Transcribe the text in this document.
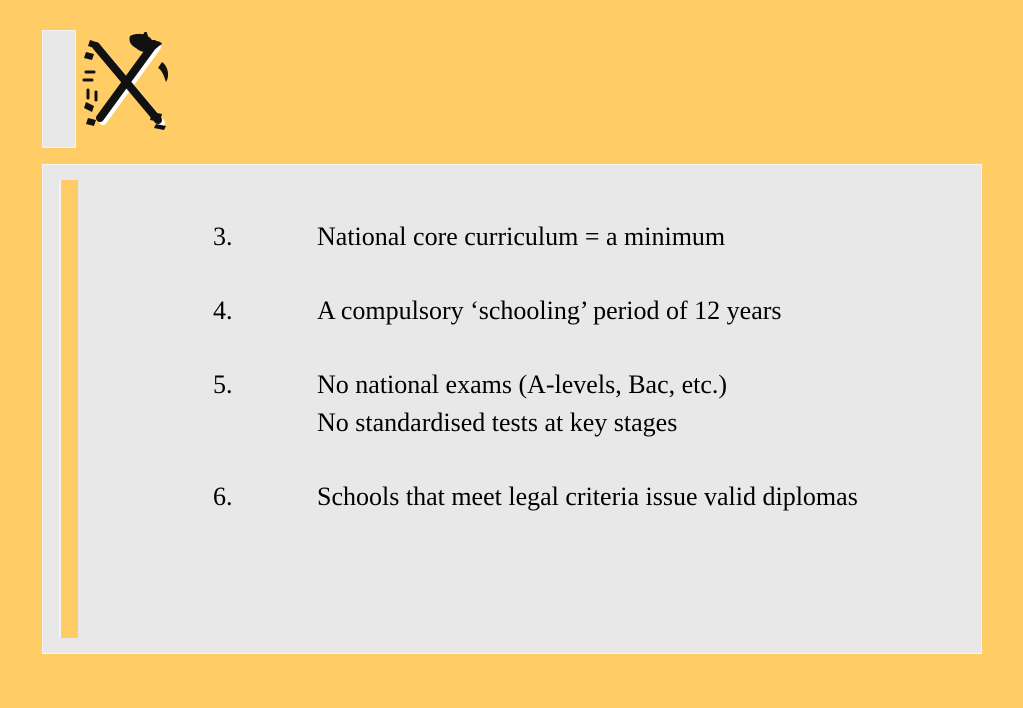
3.	National core curriculum = a minimum
4.	A compulsory ‘schooling’ period of 12 years
5.	No national exams (A-levels, Bac, etc.)
No standardised tests at key stages
6.	Schools that meet legal criteria issue valid diplomas
